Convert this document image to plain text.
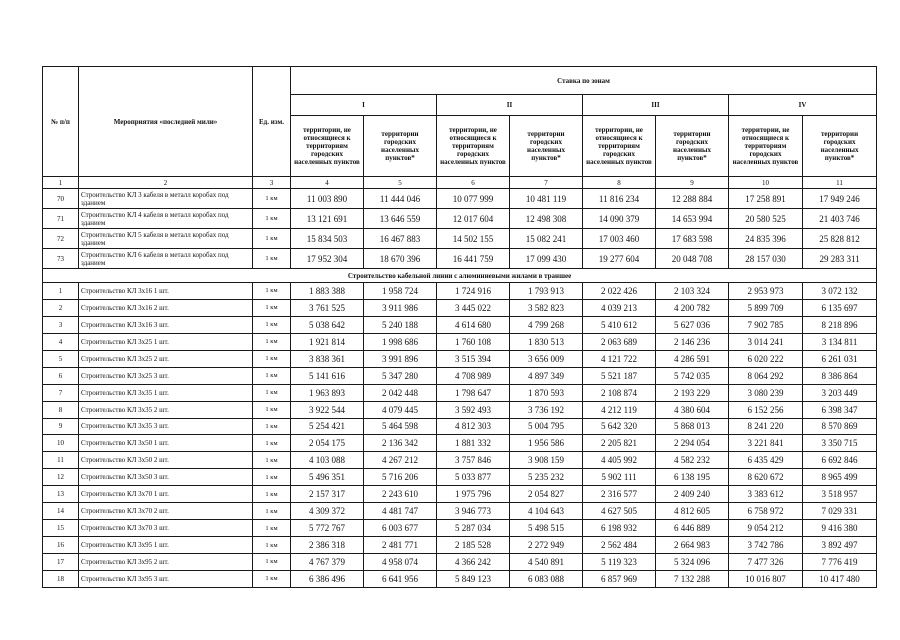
№ п/п	Мероприятия «последней мили»	Ед. изм.	Ставка по зонам							
			I		II		III		IV	
			территории, не относящиеся к территориям городских населенных пунктов	территории городских населенных пунктов*	территории, не относящиеся к территориям городских населенных пунктов	территории городских населенных пунктов*	территории, не относящиеся к территориям городских населенных пунктов	территории городских населенных пунктов*	территории, не относящиеся к территориям городских населенных пунктов	территории городских населенных пунктов*
1	2	3	4	5	6	7	8	9	10	11
70	Строительство КЛ 3 кабеля в металл коробах под зданием	1 км	11 003 890	11 444 046	10 077 999	10 481 119	11 816 234	12 288 884	17 258 891	17 949 246
71	Строительство КЛ 4 кабеля в металл коробах под зданием	1 км	13 121 691	13 646 559	12 017 604	12 498 308	14 090 379	14 653 994	20 580 525	21 403 746
72	Строительство КЛ 5 кабеля в металл коробах под зданием	1 км	15 834 503	16 467 883	14 502 155	15 082 241	17 003 460	17 683 598	24 835 396	25 828 812
73	Строительство КЛ 6 кабеля в металл коробах под зданием	1 км	17 952 304	18 670 396	16 441 759	17 099 430	19 277 604	20 048 708	28 157 030	29 283 311
Строительство кабельной линии с алюминиевыми жилами в траншее										
1	Строительство КЛ 3х16 1 шт.	1 км	1 883 388	1 958 724	1 724 916	1 793 913	2 022 426	2 103 324	2 953 973	3 072 132
2	Строительство КЛ 3х16 2 шт.	1 км	3 761 525	3 911 986	3 445 022	3 582 823	4 039 213	4 200 782	5 899 709	6 135 697
3	Строительство КЛ 3х16 3 шт.	1 км	5 038 642	5 240 188	4 614 680	4 799 268	5 410 612	5 627 036	7 902 785	8 218 896
4	Строительство КЛ 3х25 1 шт.	1 км	1 921 814	1 998 686	1 760 108	1 830 513	2 063 689	2 146 236	3 014 241	3 134 811
5	Строительство КЛ 3х25 2 шт.	1 км	3 838 361	3 991 896	3 515 394	3 656 009	4 121 722	4 286 591	6 020 222	6 261 031
6	Строительство КЛ 3х25 3 шт.	1 км	5 141 616	5 347 280	4 708 989	4 897 349	5 521 187	5 742 035	8 064 292	8 386 864
7	Строительство КЛ 3х35 1 шт.	1 км	1 963 893	2 042 448	1 798 647	1 870 593	2 108 874	2 193 229	3 080 239	3 203 449
8	Строительство КЛ 3х35 2 шт.	1 км	3 922 544	4 079 445	3 592 493	3 736 192	4 212 119	4 380 604	6 152 256	6 398 347
9	Строительство КЛ 3х35 3 шт.	1 км	5 254 421	5 464 598	4 812 303	5 004 795	5 642 320	5 868 013	8 241 220	8 570 869
10	Строительство КЛ 3х50 1 шт.	1 км	2 054 175	2 136 342	1 881 332	1 956 586	2 205 821	2 294 054	3 221 841	3 350 715
11	Строительство КЛ 3х50 2 шт.	1 км	4 103 088	4 267 212	3 757 846	3 908 159	4 405 992	4 582 232	6 435 429	6 692 846
12	Строительство КЛ 3х50 3 шт.	1 км	5 496 351	5 716 206	5 033 877	5 235 232	5 902 111	6 138 195	8 620 672	8 965 499
13	Строительство КЛ 3х70 1 шт.	1 км	2 157 317	2 243 610	1 975 796	2 054 827	2 316 577	2 409 240	3 383 612	3 518 957
14	Строительство КЛ 3х70 2 шт.	1 км	4 309 372	4 481 747	3 946 773	4 104 643	4 627 505	4 812 605	6 758 972	7 029 331
15	Строительство КЛ 3х70 3 шт.	1 км	5 772 767	6 003 677	5 287 034	5 498 515	6 198 932	6 446 889	9 054 212	9 416 380
16	Строительство КЛ 3х95 1 шт.	1 км	2 386 318	2 481 771	2 185 528	2 272 949	2 562 484	2 664 983	3 742 786	3 892 497
17	Строительство КЛ 3х95 2 шт.	1 км	4 767 379	4 958 074	4 366 242	4 540 891	5 119 323	5 324 096	7 477 326	7 776 419
18	Строительство КЛ 3х95 3 шт.	1 км	6 386 496	6 641 956	5 849 123	6 083 088	6 857 969	7 132 288	10 016 807	10 417 480
